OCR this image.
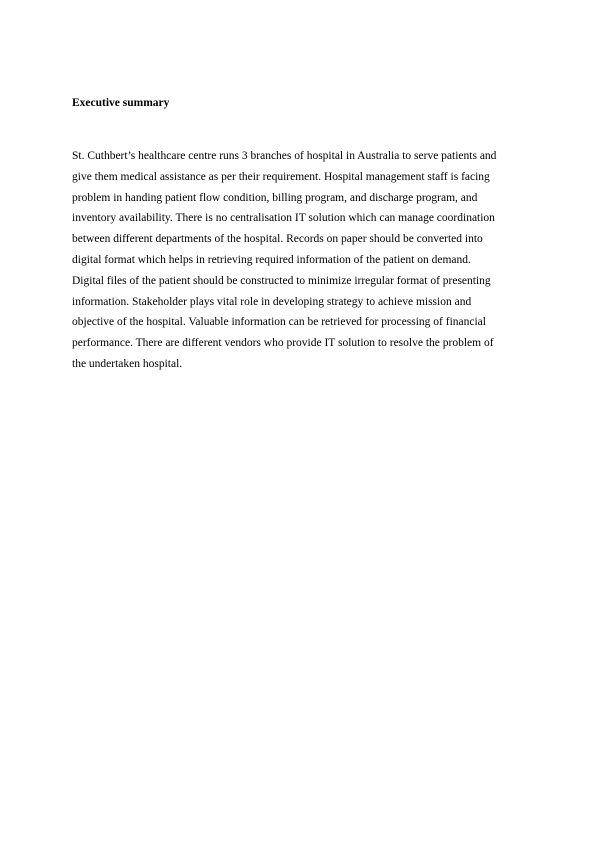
Executive summary
St. Cuthbert’s healthcare centre runs 3 branches of hospital in Australia to serve patients and
give them medical assistance as per their requirement. Hospital management staff is facing
problem in handing patient flow condition, billing program, and discharge program, and
inventory availability. There is no centralisation IT solution which can manage coordination
between different departments of the hospital. Records on paper should be converted into
digital format which helps in retrieving required information of the patient on demand.
Digital files of the patient should be constructed to minimize irregular format of presenting
information. Stakeholder plays vital role in developing strategy to achieve mission and
objective of the hospital. Valuable information can be retrieved for processing of financial
performance. There are different vendors who provide IT solution to resolve the problem of
the undertaken hospital.
